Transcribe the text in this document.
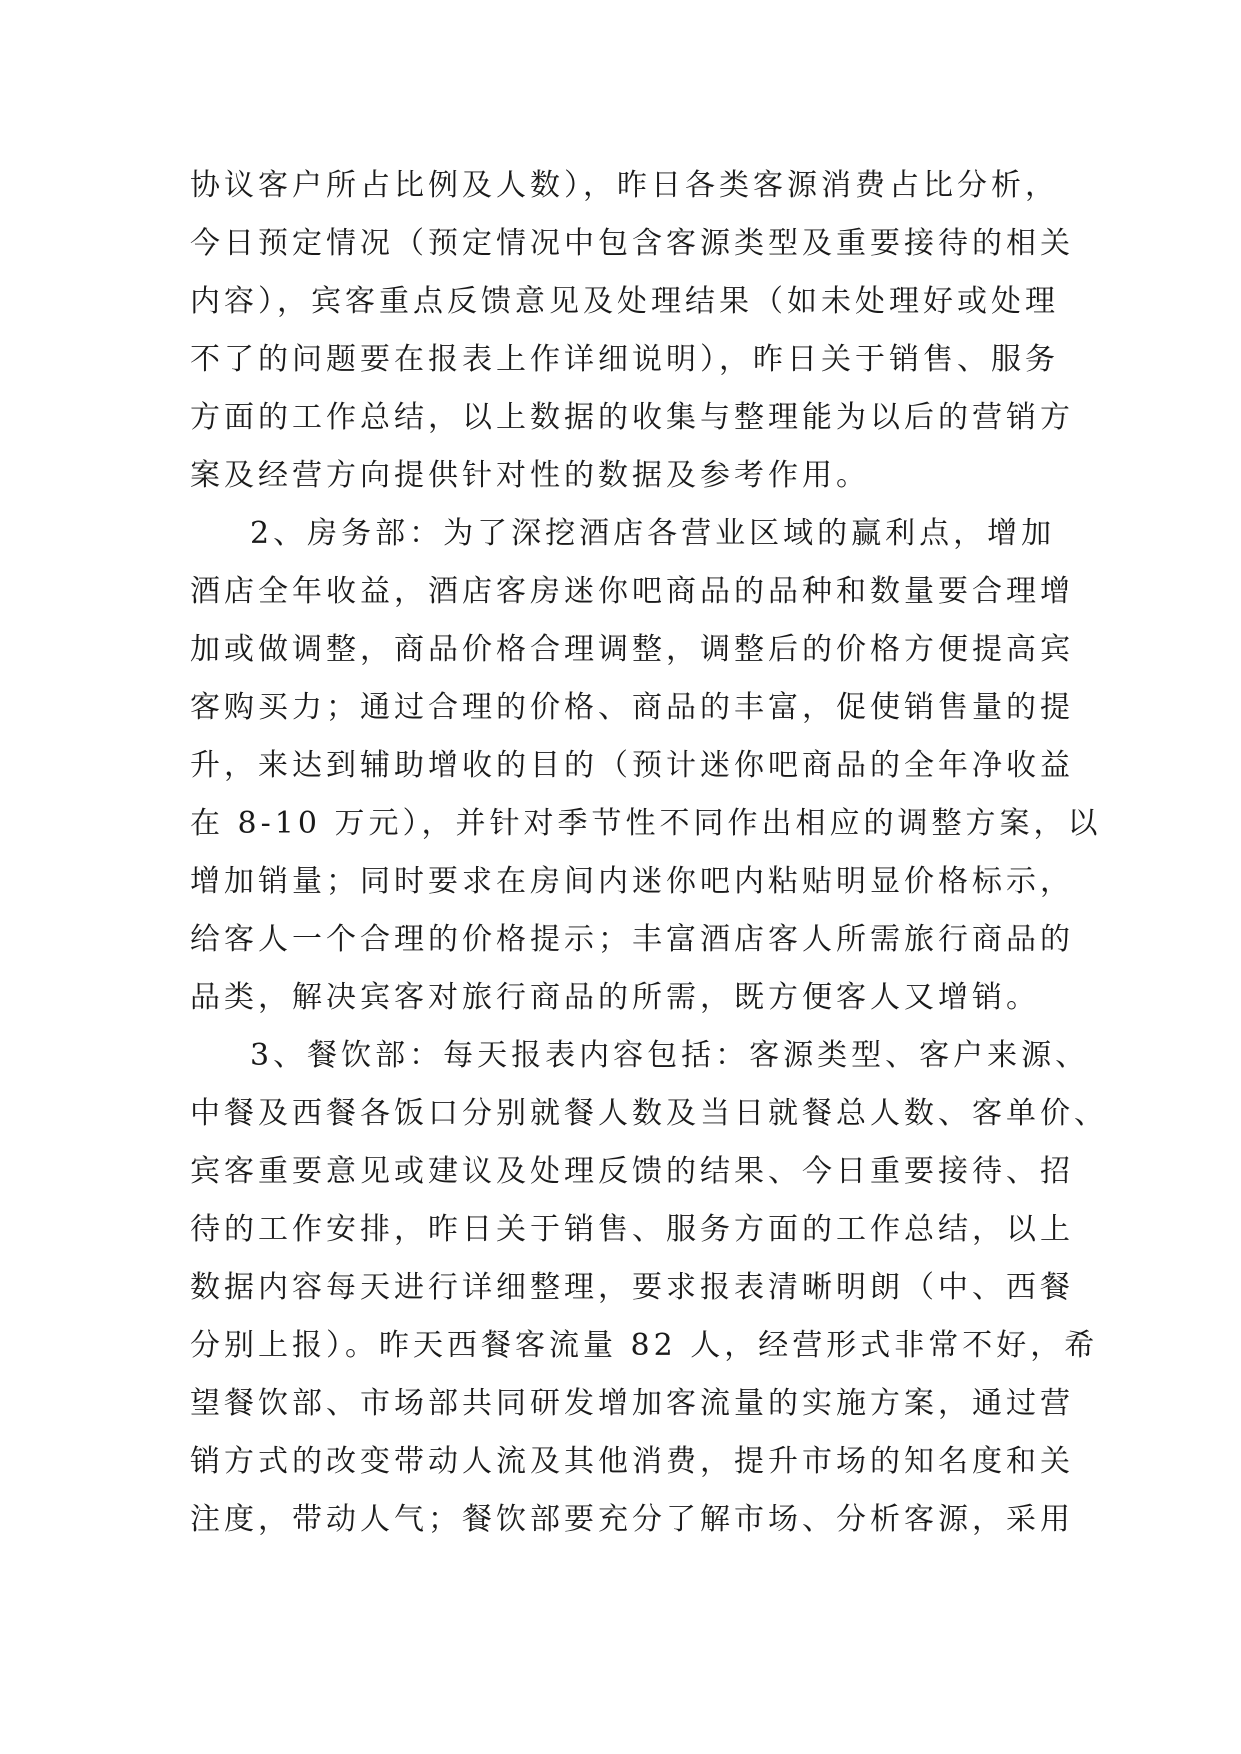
协议客户所占比例及人数），昨日各类客源消费占比分析，
今日预定情况（预定情况中包含客源类型及重要接待的相关
内容），宾客重点反馈意见及处理结果（如未处理好或处理
不了的问题要在报表上作详细说明），昨日关于销售、服务
方面的工作总结，以上数据的收集与整理能为以后的营销方
案及经营方向提供针对性的数据及参考作用。
2、房务部：为了深挖酒店各营业区域的赢利点，增加
酒店全年收益，酒店客房迷你吧商品的品种和数量要合理增
加或做调整，商品价格合理调整，调整后的价格方便提高宾
客购买力；通过合理的价格、商品的丰富，促使销售量的提
升，来达到辅助增收的目的（预计迷你吧商品的全年净收益
在 8-10 万元），并针对季节性不同作出相应的调整方案，以
增加销量；同时要求在房间内迷你吧内粘贴明显价格标示，
给客人一个合理的价格提示；丰富酒店客人所需旅行商品的
品类，解决宾客对旅行商品的所需，既方便客人又增销。
3、餐饮部：每天报表内容包括：客源类型、客户来源、
中餐及西餐各饭口分别就餐人数及当日就餐总人数、客单价、
宾客重要意见或建议及处理反馈的结果、今日重要接待、招
待的工作安排，昨日关于销售、服务方面的工作总结，以上
数据内容每天进行详细整理，要求报表清晰明朗（中、西餐
分别上报）。昨天西餐客流量 82 人，经营形式非常不好，希
望餐饮部、市场部共同研发增加客流量的实施方案，通过营
销方式的改变带动人流及其他消费，提升市场的知名度和关
注度，带动人气；餐饮部要充分了解市场、分析客源，采用
